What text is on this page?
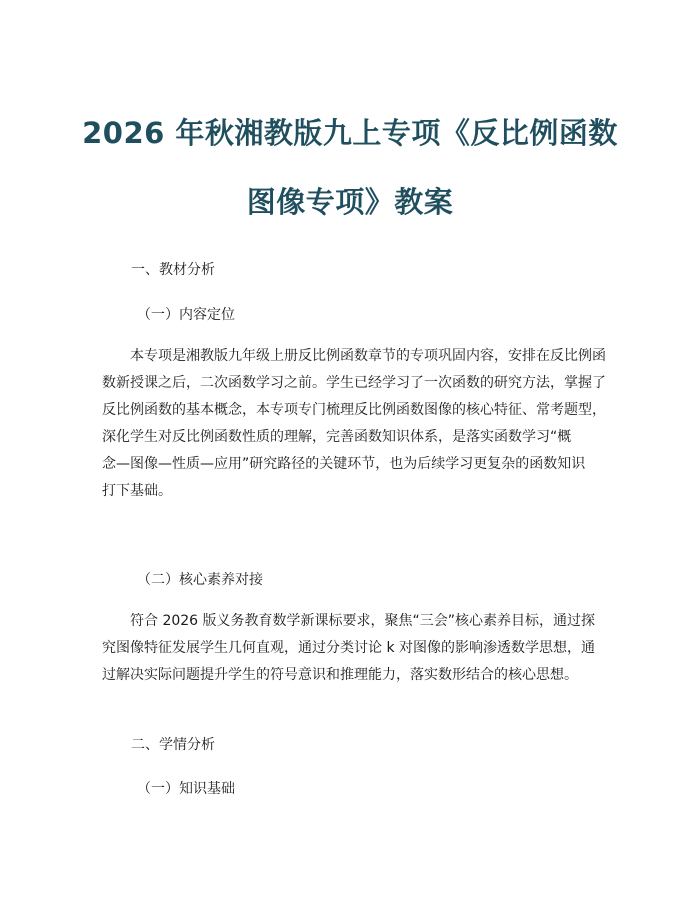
2026 年秋湘教版九上专项《反比例函数
图像专项》教案

一、教材分析

（一）内容定位

本专项是湘教版九年级上册反比例函数章节的专项巩固内容，安排在反比例函
数新授课之后，二次函数学习之前。学生已经学习了一次函数的研究方法，掌握了
反比例函数的基本概念，本专项专门梳理反比例函数图像的核心特征、常考题型，
深化学生对反比例函数性质的理解，完善函数知识体系，是落实函数学习“概
念—图像—性质—应用”研究路径的关键环节，也为后续学习更复杂的函数知识
打下基础。

（二）核心素养对接

符合 2026 版义务教育数学新课标要求，聚焦“三会”核心素养目标，通过探
究图像特征发展学生几何直观，通过分类讨论 k 对图像的影响渗透数学思想，通
过解决实际问题提升学生的符号意识和推理能力，落实数形结合的核心思想。

二、学情分析

（一）知识基础
